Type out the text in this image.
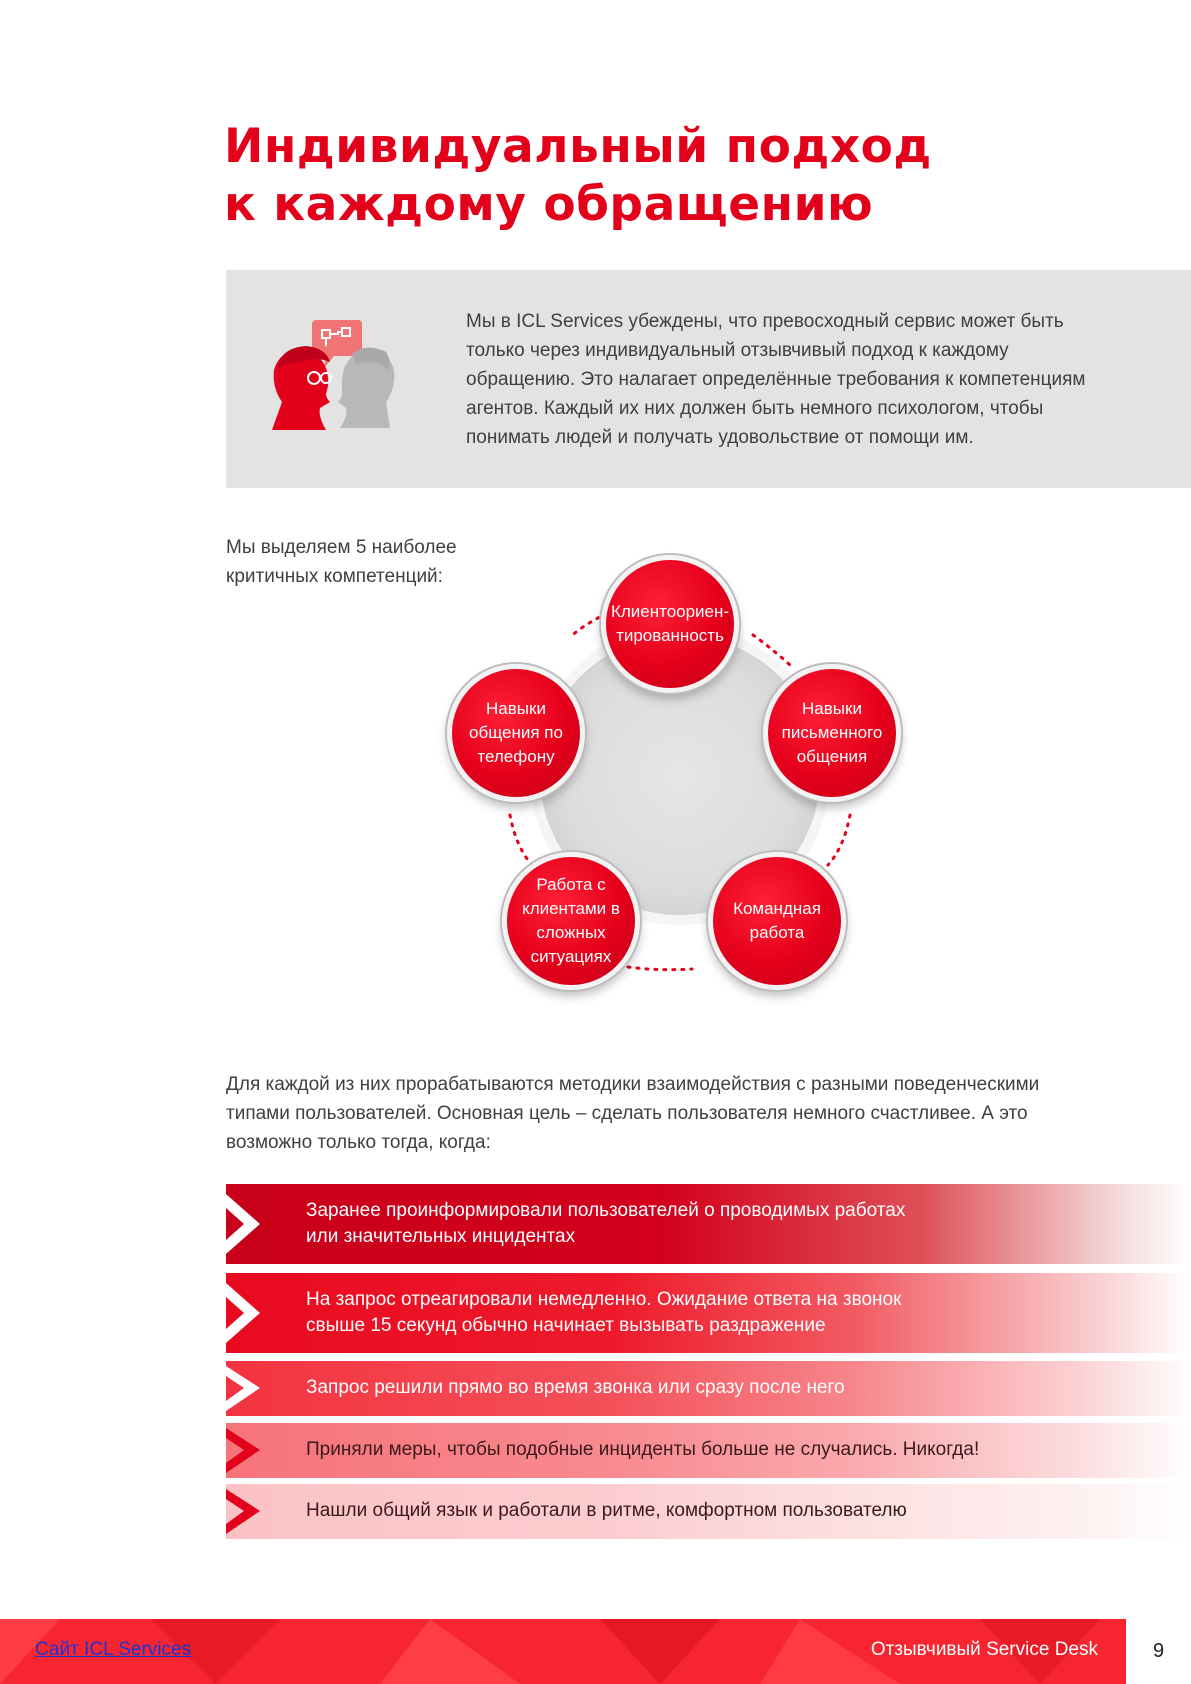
Индивидуальный подход
к каждому обращению

Мы в ICL Services убеждены, что превосходный сервис может быть только через индивидуальный отзывчивый подход к каждому обращению. Это налагает определённые требования к компетенциям агентов. Каждый их них должен быть немного психологом, чтобы понимать людей и получать удовольствие от помощи им.

Мы выделяем 5 наиболее критичных компетенций:

Клиентоориен-тированность
Навыки письменного общения
Командная работа
Работа с клиентами в сложных ситуациях
Навыки общения по телефону

Для каждой из них прорабатываются методики взаимодействия с разными поведенческими типами пользователей. Основная цель – сделать пользователя немного счастливее. А это возможно только тогда, когда:

Заранее проинформировали пользователей о проводимых работах
или значительных инцидентах
На запрос отреагировали немедленно. Ожидание ответа на звонок
свыше 15 секунд обычно начинает вызывать раздражение
Запрос решили прямо во время звонка или сразу после него
Приняли меры, чтобы подобные инциденты больше не случались. Никогда!
Нашли общий язык и работали в ритме, комфортном пользователю
Сайт ICL Services	Отзывчивый Service Desk	9
